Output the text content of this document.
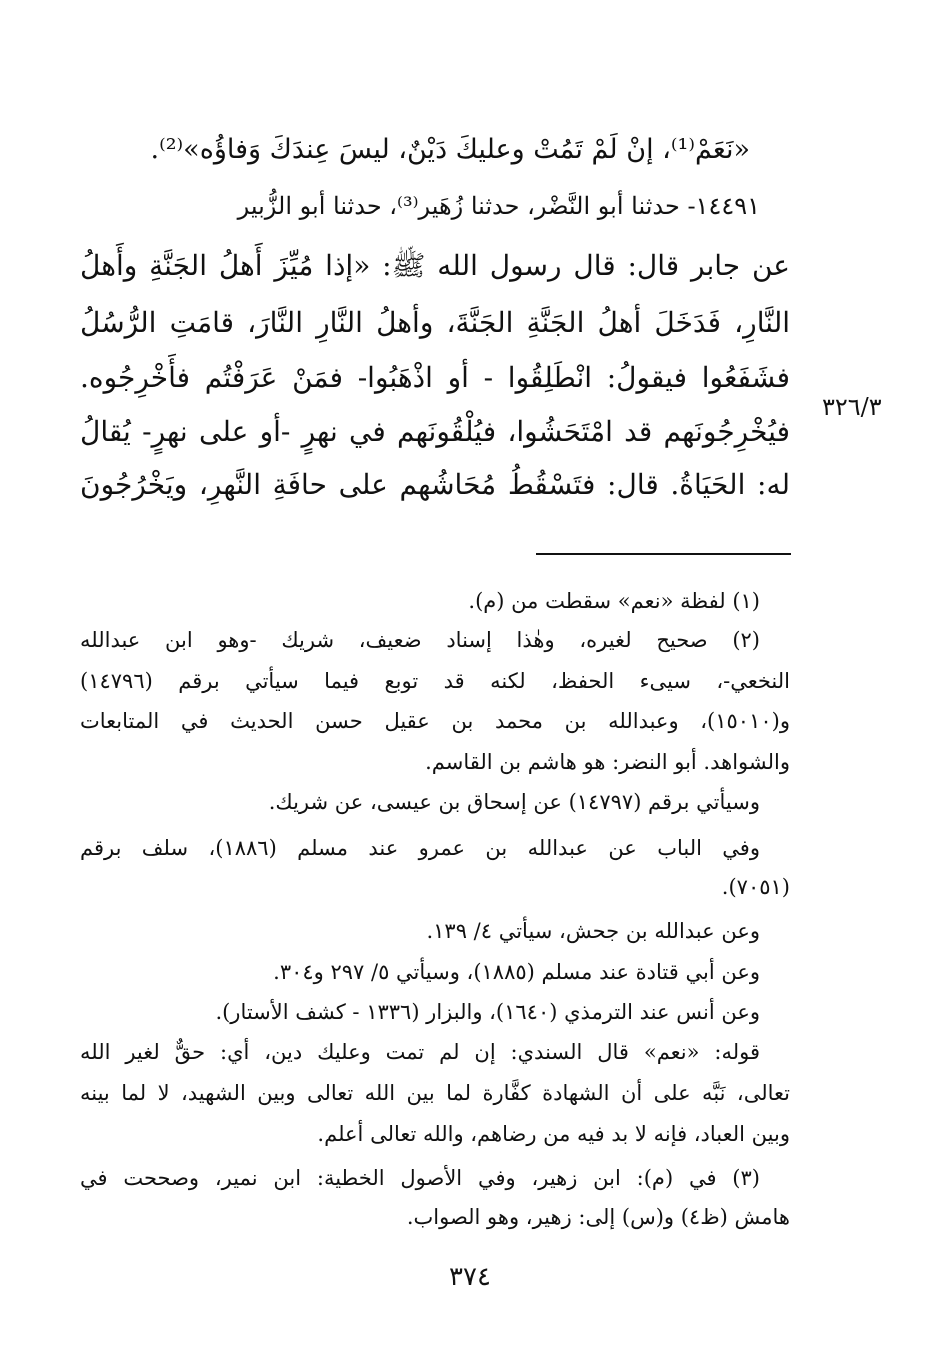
«نَعَمْ⁽¹⁾، إنْ لَمْ تَمُتْ وعليكَ دَيْنٌ، ليسَ عِندَكَ وَفاؤُه»⁽²⁾.
١٤٤٩١- حدثنا أبو النَّضْر، حدثنا زُهَير⁽³⁾، حدثنا أبو الزُّبير
عن جابر قال: قال رسول الله ﷺ: «إذا مُيِّزَ أَهلُ الجَنَّةِ وأَهلُ
النَّارِ، فَدَخَلَ أهلُ الجَنَّةِ الجَنَّةَ، وأهلُ النَّارِ النَّارَ، قامَتِ الرُّسُلُ
فشَفَعُوا فيقولُ: انْطَلِقُوا - أو اذْهَبُوا- فمَنْ عَرَفْتُم فأَخْرِجُوه.
فيُخْرِجُونَهم قد امْتَحَشُوا، فيُلْقُونَهم في نهرٍ -أو على نهرٍ- يُقالُ
له: الحَيَاةُ. قال: فتَسْقُطُ مُحَاشُهم على حافَةِ النَّهرِ، ويَخْرُجُونَ
٣٢٦/٣
(١) لفظة «نعم» سقطت من (م).
(٢) صحيح لغيره، وهٰذا إسناد ضعيف، شريك -وهو ابن عبدالله
النخعي-، سيىء الحفظ، لكنه قد توبع فيما سيأتي برقم (١٤٧٩٦)
و(١٥٠١٠)، وعبدالله بن محمد بن عقيل حسن الحديث في المتابعات
والشواهد. أبو النضر: هو هاشم بن القاسم.
وسيأتي برقم (١٤٧٩٧) عن إسحاق بن عيسى، عن شريك.
وفي الباب عن عبدالله بن عمرو عند مسلم (١٨٨٦)، سلف برقم
(٧٠٥١).
وعن عبدالله بن جحش، سيأتي ٤/ ١٣٩.
وعن أبي قتادة عند مسلم (١٨٨٥)، وسيأتي ٥/ ٢٩٧ و٣٠٤.
وعن أنس عند الترمذي (١٦٤٠)، والبزار (١٣٣٦ - كشف الأستار).
قوله: «نعم» قال السندي: إن لم تمت وعليك دين، أي: حقٌّ لغير الله
تعالى، نَبَّه على أن الشهادة كفَّارة لما بين الله تعالى وبين الشهيد، لا لما بينه
وبين العباد، فإنه لا بد فيه من رضاهم، والله تعالى أعلم.
(٣) في (م): ابن زهير، وفي الأصول الخطية: ابن نمير، وصححت في
هامش (ظ٤) و(س) إلى: زهير، وهو الصواب.
٣٧٤
